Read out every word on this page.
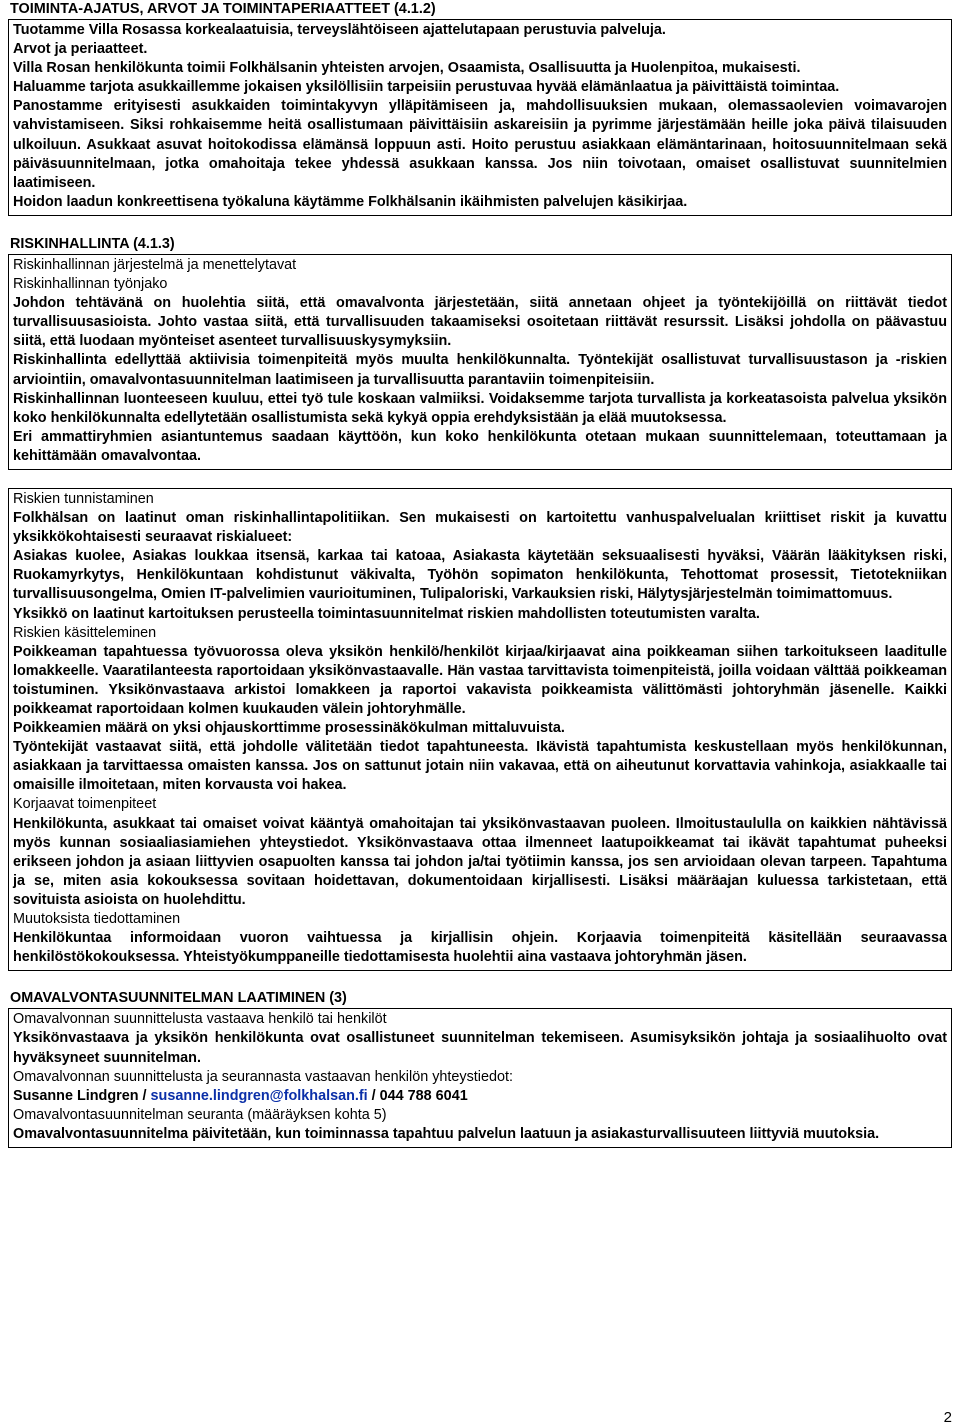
TOIMINTA-AJATUS, ARVOT JA TOIMINTAPERIAATTEET (4.1.2)

Tuotamme Villa Rosassa korkealaatuisia, terveyslähtöiseen ajattelutapaan perustuvia palveluja.

Arvot ja periaatteet.

Villa Rosan henkilökunta toimii Folkhälsanin yhteisten arvojen, Osaamista, Osallisuutta ja Huolenpitoa, mukaisesti.

Haluamme tarjota asukkaillemme jokaisen yksilöllisiin tarpeisiin perustuvaa hyvää elämänlaatua ja päivittäistä toimintaa.

Panostamme erityisesti asukkaiden toimintakyvyn ylläpitämiseen ja, mahdollisuuksien mukaan, olemassaolevien voimavarojen vahvistamiseen. Siksi rohkaisemme heitä osallistumaan päivittäisiin askareisiin ja pyrimme järjestämään heille joka päivä tilaisuuden ulkoiluun. Asukkaat asuvat hoitokodissa elämänsä loppuun asti. Hoito perustuu asiakkaan elämäntarinaan, hoitosuunnitelmaan sekä päiväsuunnitelmaan, jotka omahoitaja tekee yhdessä asukkaan kanssa. Jos niin toivotaan, omaiset osallistuvat suunnitelmien laatimiseen.

Hoidon laadun konkreettisena työkaluna käytämme Folkhälsanin ikäihmisten palvelujen käsikirjaa.

RISKINHALLINTA (4.1.3)

Riskinhallinnan järjestelmä ja menettelytavat

Riskinhallinnan työnjako

Johdon tehtävänä on huolehtia siitä, että omavalvonta järjestetään, siitä annetaan ohjeet ja työntekijöillä on riittävät tiedot turvallisuusasioista. Johto vastaa siitä, että turvallisuuden takaamiseksi osoitetaan riittävät resurssit. Lisäksi johdolla on päävastuu siitä, että luodaan myönteiset asenteet turvallisuuskysymyksiin.

Riskinhallinta edellyttää aktiivisia toimenpiteitä myös muulta henkilökunnalta. Työntekijät osallistuvat turvallisuustason ja -riskien arviointiin, omavalvontasuunnitelman laatimiseen ja turvallisuutta parantaviin toimenpiteisiin.

Riskinhallinnan luonteeseen kuuluu, ettei työ tule koskaan valmiiksi. Voidaksemme tarjota turvallista ja korkeatasoista palvelua yksikön koko henkilökunnalta edellytetään osallistumista sekä kykyä oppia erehdyksistään ja elää muutoksessa.

Eri ammattiryhmien asiantuntemus saadaan käyttöön, kun koko henkilökunta otetaan mukaan suunnittelemaan, toteuttamaan ja kehittämään omavalvontaa.

Riskien tunnistaminen

Folkhälsan on laatinut oman riskinhallintapolitiikan. Sen mukaisesti on kartoitettu vanhuspalvelualan kriittiset riskit ja kuvattu yksikkökohtaisesti seuraavat riskialueet:

Asiakas kuolee, Asiakas loukkaa itsensä, karkaa tai katoaa, Asiakasta käytetään seksuaalisesti hyväksi, Väärän lääkityksen riski, Ruokamyrkytys, Henkilökuntaan kohdistunut väkivalta, Työhön sopimaton henkilökunta, Tehottomat prosessit, Tietotekniikan turvallisuusongelma, Omien IT-palvelimien vaurioituminen, Tulipaloriski, Varkauksien riski, Hälytysjärjestelmän toimimattomuus.

Yksikkö on laatinut kartoituksen perusteella toimintasuunnitelmat riskien mahdollisten toteutumisten varalta.

Riskien käsitteleminen

Poikkeaman tapahtuessa työvuorossa oleva yksikön henkilö/henkilöt kirjaa/kirjaavat aina poikkeaman siihen tarkoitukseen laaditulle lomakkeelle. Vaaratilanteesta raportoidaan yksikönvastaavalle. Hän vastaa tarvittavista toimenpiteistä, joilla voidaan välttää poikkeaman toistuminen. Yksikönvastaava arkistoi lomakkeen ja raportoi vakavista poikkeamista välittömästi johtoryhmän jäsenelle. Kaikki poikkeamat raportoidaan kolmen kuukauden välein johtoryhmälle.

Poikkeamien määrä on yksi ohjauskorttimme prosessinäkökulman mittaluvuista.

Työntekijät vastaavat siitä, että johdolle välitetään tiedot tapahtuneesta. Ikävistä tapahtumista keskustellaan myös henkilökunnan, asiakkaan ja tarvittaessa omaisten kanssa. Jos on sattunut jotain niin vakavaa, että on aiheutunut korvattavia vahinkoja, asiakkaalle tai omaisille ilmoitetaan, miten korvausta voi hakea.

Korjaavat toimenpiteet

Henkilökunta, asukkaat tai omaiset voivat kääntyä omahoitajan tai yksikönvastaavan puoleen. Ilmoitustaululla on kaikkien nähtävissä myös kunnan sosiaaliasiamiehen yhteystiedot. Yksikönvastaava ottaa ilmenneet laatupoikkeamat tai ikävät tapahtumat puheeksi erikseen johdon ja asiaan liittyvien osapuolten kanssa tai johdon ja/tai työtiimin kanssa, jos sen arvioidaan olevan tarpeen. Tapahtuma ja se, miten asia kokouksessa sovitaan hoidettavan, dokumentoidaan kirjallisesti. Lisäksi määräajan kuluessa tarkistetaan, että sovituista asioista on huolehdittu.

Muutoksista tiedottaminen

Henkilökuntaa informoidaan vuoron vaihtuessa ja kirjallisin ohjein. Korjaavia toimenpiteitä käsitellään seuraavassa henkilöstökokouksessa. Yhteistyökumppaneille tiedottamisesta huolehtii aina vastaava johtoryhmän jäsen.

OMAVALVONTASUUNNITELMAN LAATIMINEN (3)

Omavalvonnan suunnittelusta vastaava henkilö tai henkilöt

Yksikönvastaava ja yksikön henkilökunta ovat osallistuneet suunnitelman tekemiseen. Asumisyksikön johtaja ja sosiaalihuolto ovat hyväksyneet suunnitelman.

Omavalvonnan suunnittelusta ja seurannasta vastaavan henkilön yhteystiedot:

Susanne Lindgren / susanne.lindgren@folkhalsan.fi / 044 788 6041

Omavalvontasuunnitelman seuranta (määräyksen kohta 5)

Omavalvontasuunnitelma päivitetään, kun toiminnassa tapahtuu palvelun laatuun ja asiakasturvallisuuteen liittyviä muutoksia.

2
